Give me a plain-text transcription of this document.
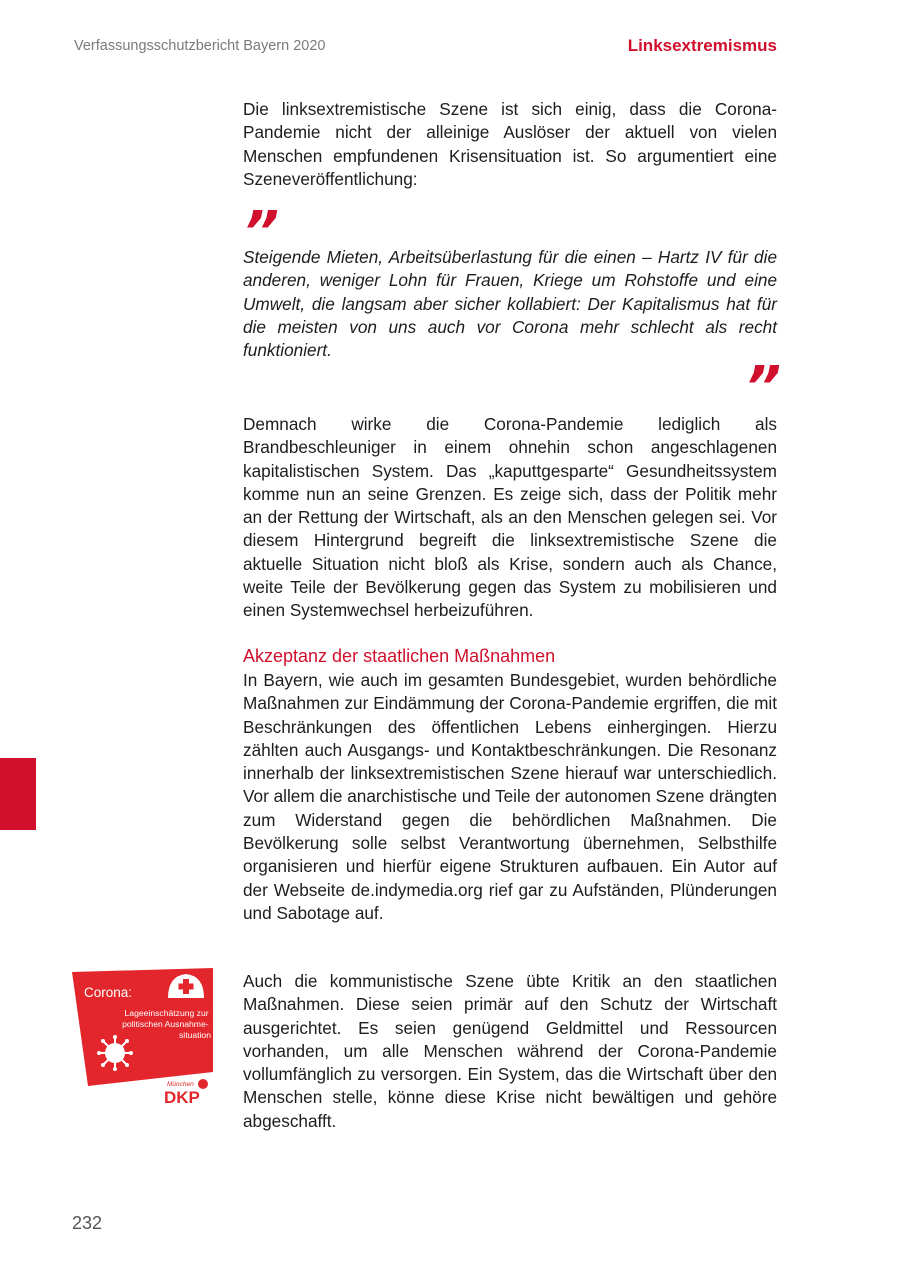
Verfassungsschutzbericht Bayern 2020	Linksextremismus
Die linksextremistische Szene ist sich einig, dass die Corona-Pandemie nicht der alleinige Auslöser der aktuell von vielen Menschen empfundenen Krisensituation ist. So argumentiert eine Szeneveröffentlichung:
”
Steigende Mieten, Arbeitsüberlastung für die einen – Hartz IV für die anderen, weniger Lohn für Frauen, Kriege um Rohstoffe und eine Umwelt, die langsam aber sicher kollabiert: Der Kapitalismus hat für die meisten von uns auch vor Corona mehr schlecht als recht funktioniert.
”
Demnach wirke die Corona-Pandemie lediglich als Brandbeschleuniger in einem ohnehin schon angeschlagenen kapitalistischen System. Das „kaputtgesparte“ Gesundheitssystem komme nun an seine Grenzen. Es zeige sich, dass der Politik mehr an der Rettung der Wirtschaft, als an den Menschen gelegen sei. Vor diesem Hintergrund begreift die linksextremistische Szene die aktuelle Situation nicht bloß als Krise, sondern auch als Chance, weite Teile der Bevölkerung gegen das System zu mobilisieren und einen Systemwechsel herbeizuführen.
Akzeptanz der staatlichen Maßnahmen
In Bayern, wie auch im gesamten Bundesgebiet, wurden behördliche Maßnahmen zur Eindämmung der Corona-Pandemie ergriffen, die mit Beschränkungen des öffentlichen Lebens einhergingen. Hierzu zählten auch Ausgangs- und Kontaktbeschränkungen. Die Resonanz innerhalb der linksextremistischen Szene hierauf war unterschiedlich. Vor allem die anarchistische und Teile der autonomen Szene drängten zum Widerstand gegen die behördlichen Maßnahmen. Die Bevölkerung solle selbst Verantwortung übernehmen, Selbsthilfe organisieren und hierfür eigene Strukturen aufbauen. Ein Autor auf der Webseite de.indymedia.org rief gar zu Aufständen, Plünderungen und Sabotage auf.
Auch die kommunistische Szene übte Kritik an den staatlichen Maßnahmen. Diese seien primär auf den Schutz der Wirtschaft ausgerichtet. Es seien genügend Geldmittel und Ressourcen vorhanden, um alle Menschen während der Corona-Pandemie vollumfänglich zu versorgen. Ein System, das die Wirtschaft über den Menschen stelle, könne diese Krise nicht bewältigen und gehöre abgeschafft.
Corona:
Lageeinschätzung zur politischen Ausnahme- situation
München
DKP
232
